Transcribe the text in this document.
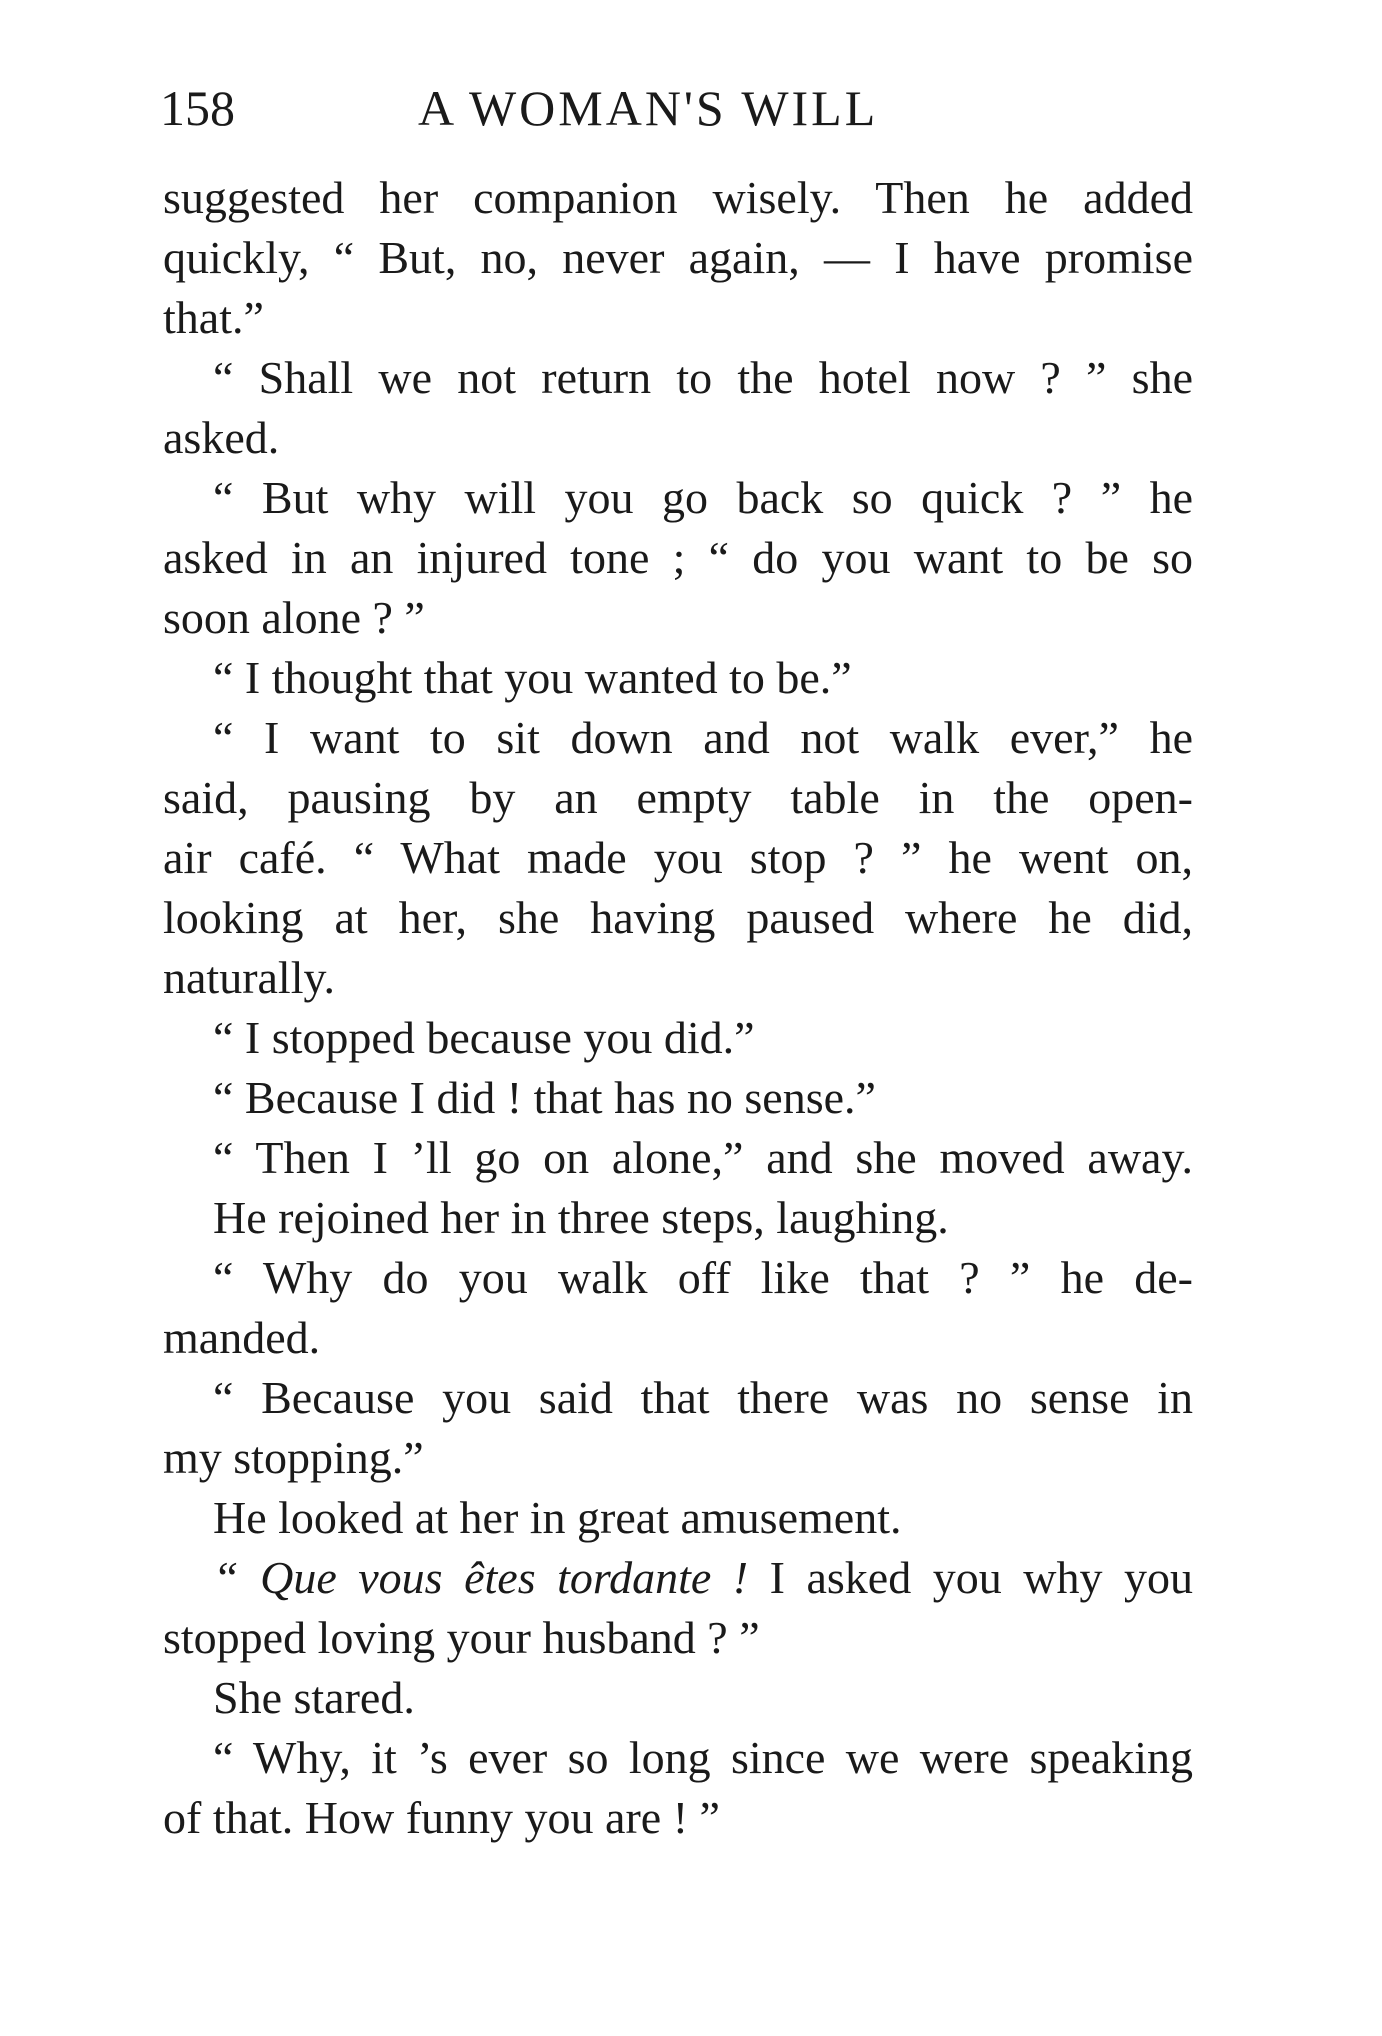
158	A WOMAN'S WILL
suggested her companion wisely. Then he added
quickly, “ But, no, never again, — I have promise
that.”
“ Shall we not return to the hotel now ? ” she
asked.
“ But why will you go back so quick ? ” he
asked in an injured tone ; “ do you want to be so
soon alone ? ”
“ I thought that you wanted to be.”
“ I want to sit down and not walk ever,” he
said, pausing by an empty table in the open-
air café. “ What made you stop ? ” he went on,
looking at her, she having paused where he did,
naturally.
“ I stopped because you did.”
“ Because I did ! that has no sense.”
“ Then I ’ll go on alone,” and she moved away.
He rejoined her in three steps, laughing.
“ Why do you walk off like that ? ” he de-
manded.
“ Because you said that there was no sense in
my stopping.”
He looked at her in great amusement.
“ Que vous êtes tordante ! I asked you why you
stopped loving your husband ? ”
She stared.
“ Why, it ’s ever so long since we were speaking
of that. How funny you are ! ”
